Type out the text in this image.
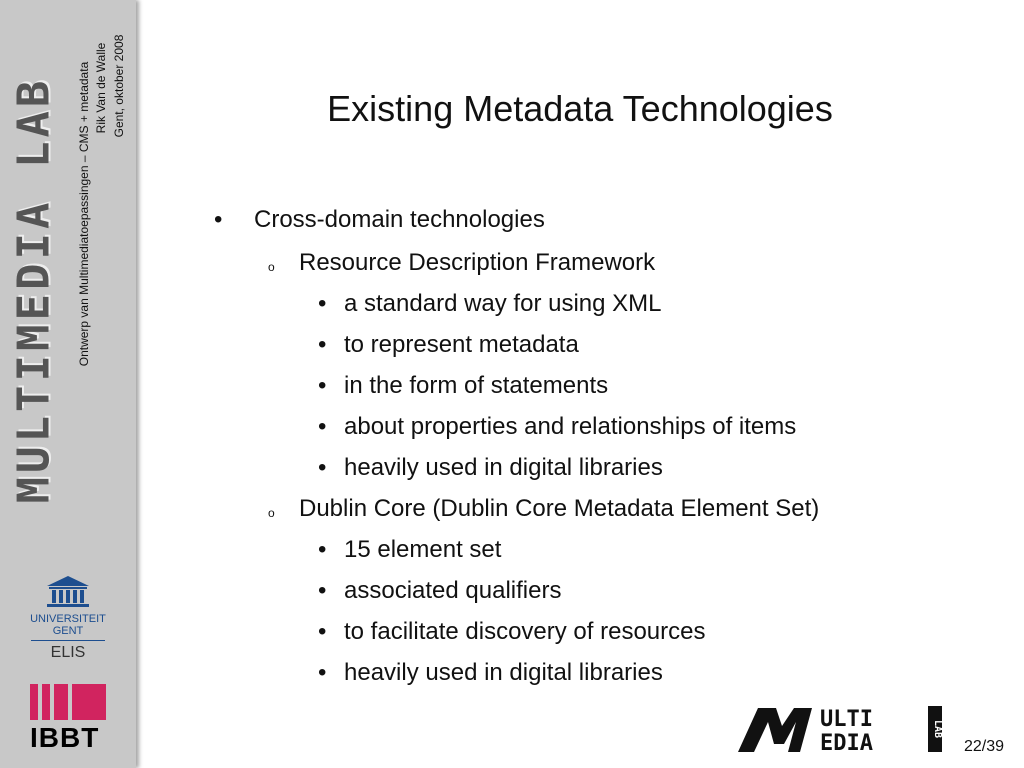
MULTIMEDIA LAB Ontwerp van Multimediatoepassingen – CMS + metadata Rik Van de Walle Gent, oktober 2008
UNIVERSITEIT
GENT
ELIS
IBBT
Existing Metadata Technologies
• Cross-domain technologies
o Resource Description Framework
• a standard way for using XML
• to represent metadata
• in the form of statements
• about properties and relationships of items
• heavily used in digital libraries
o Dublin Core (Dublin Core Metadata Element Set)
• 15 element set
• associated qualifiers
• to facilitate discovery of resources
• heavily used in digital libraries
ULTI
EDIA
LAB
22/39
